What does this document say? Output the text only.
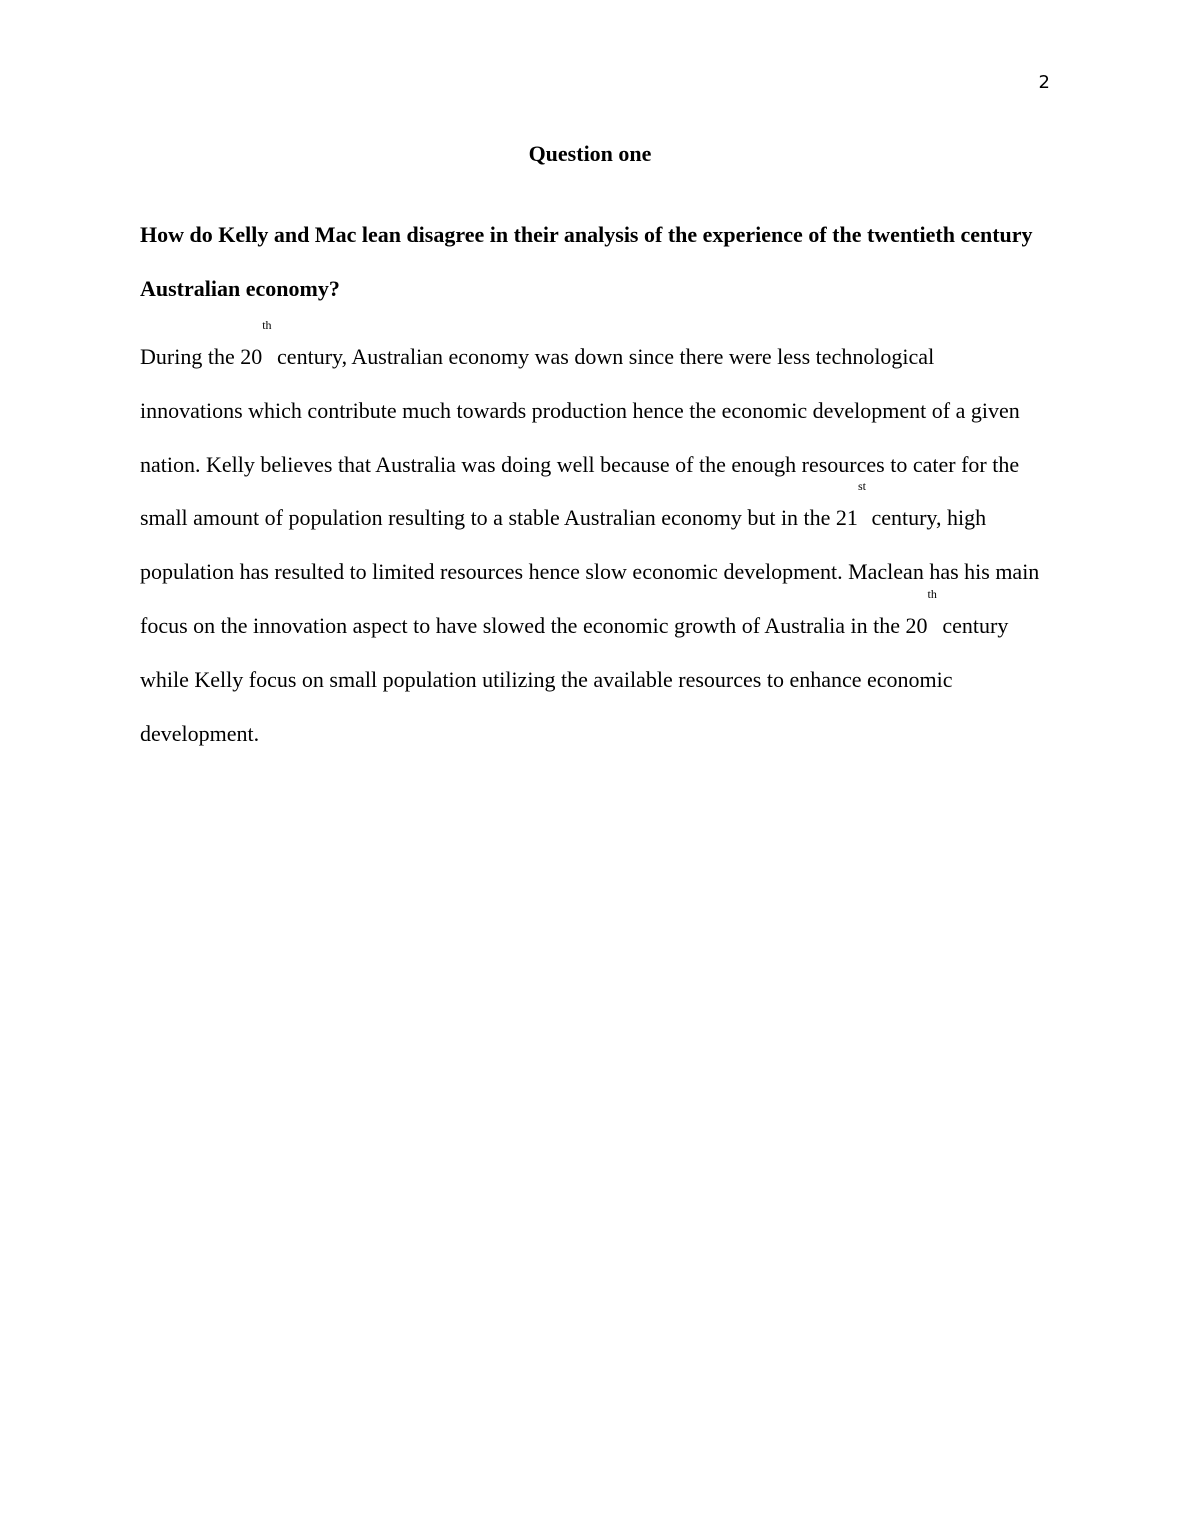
2
Question one

How do Kelly and Mac lean disagree in their analysis of the experience of the twentieth century Australian economy?

During the 20th century, Australian economy was down since there were less technological innovations which contribute much towards production hence the economic development of a given nation. Kelly believes that Australia was doing well because of the enough resources to cater for the small amount of population resulting to a stable Australian economy but in the 21st century, high population has resulted to limited resources hence slow economic development. Maclean has his main focus on the innovation aspect to have slowed the economic growth of Australia in the 20th century while Kelly focus on small population utilizing the available resources to enhance economic development.
